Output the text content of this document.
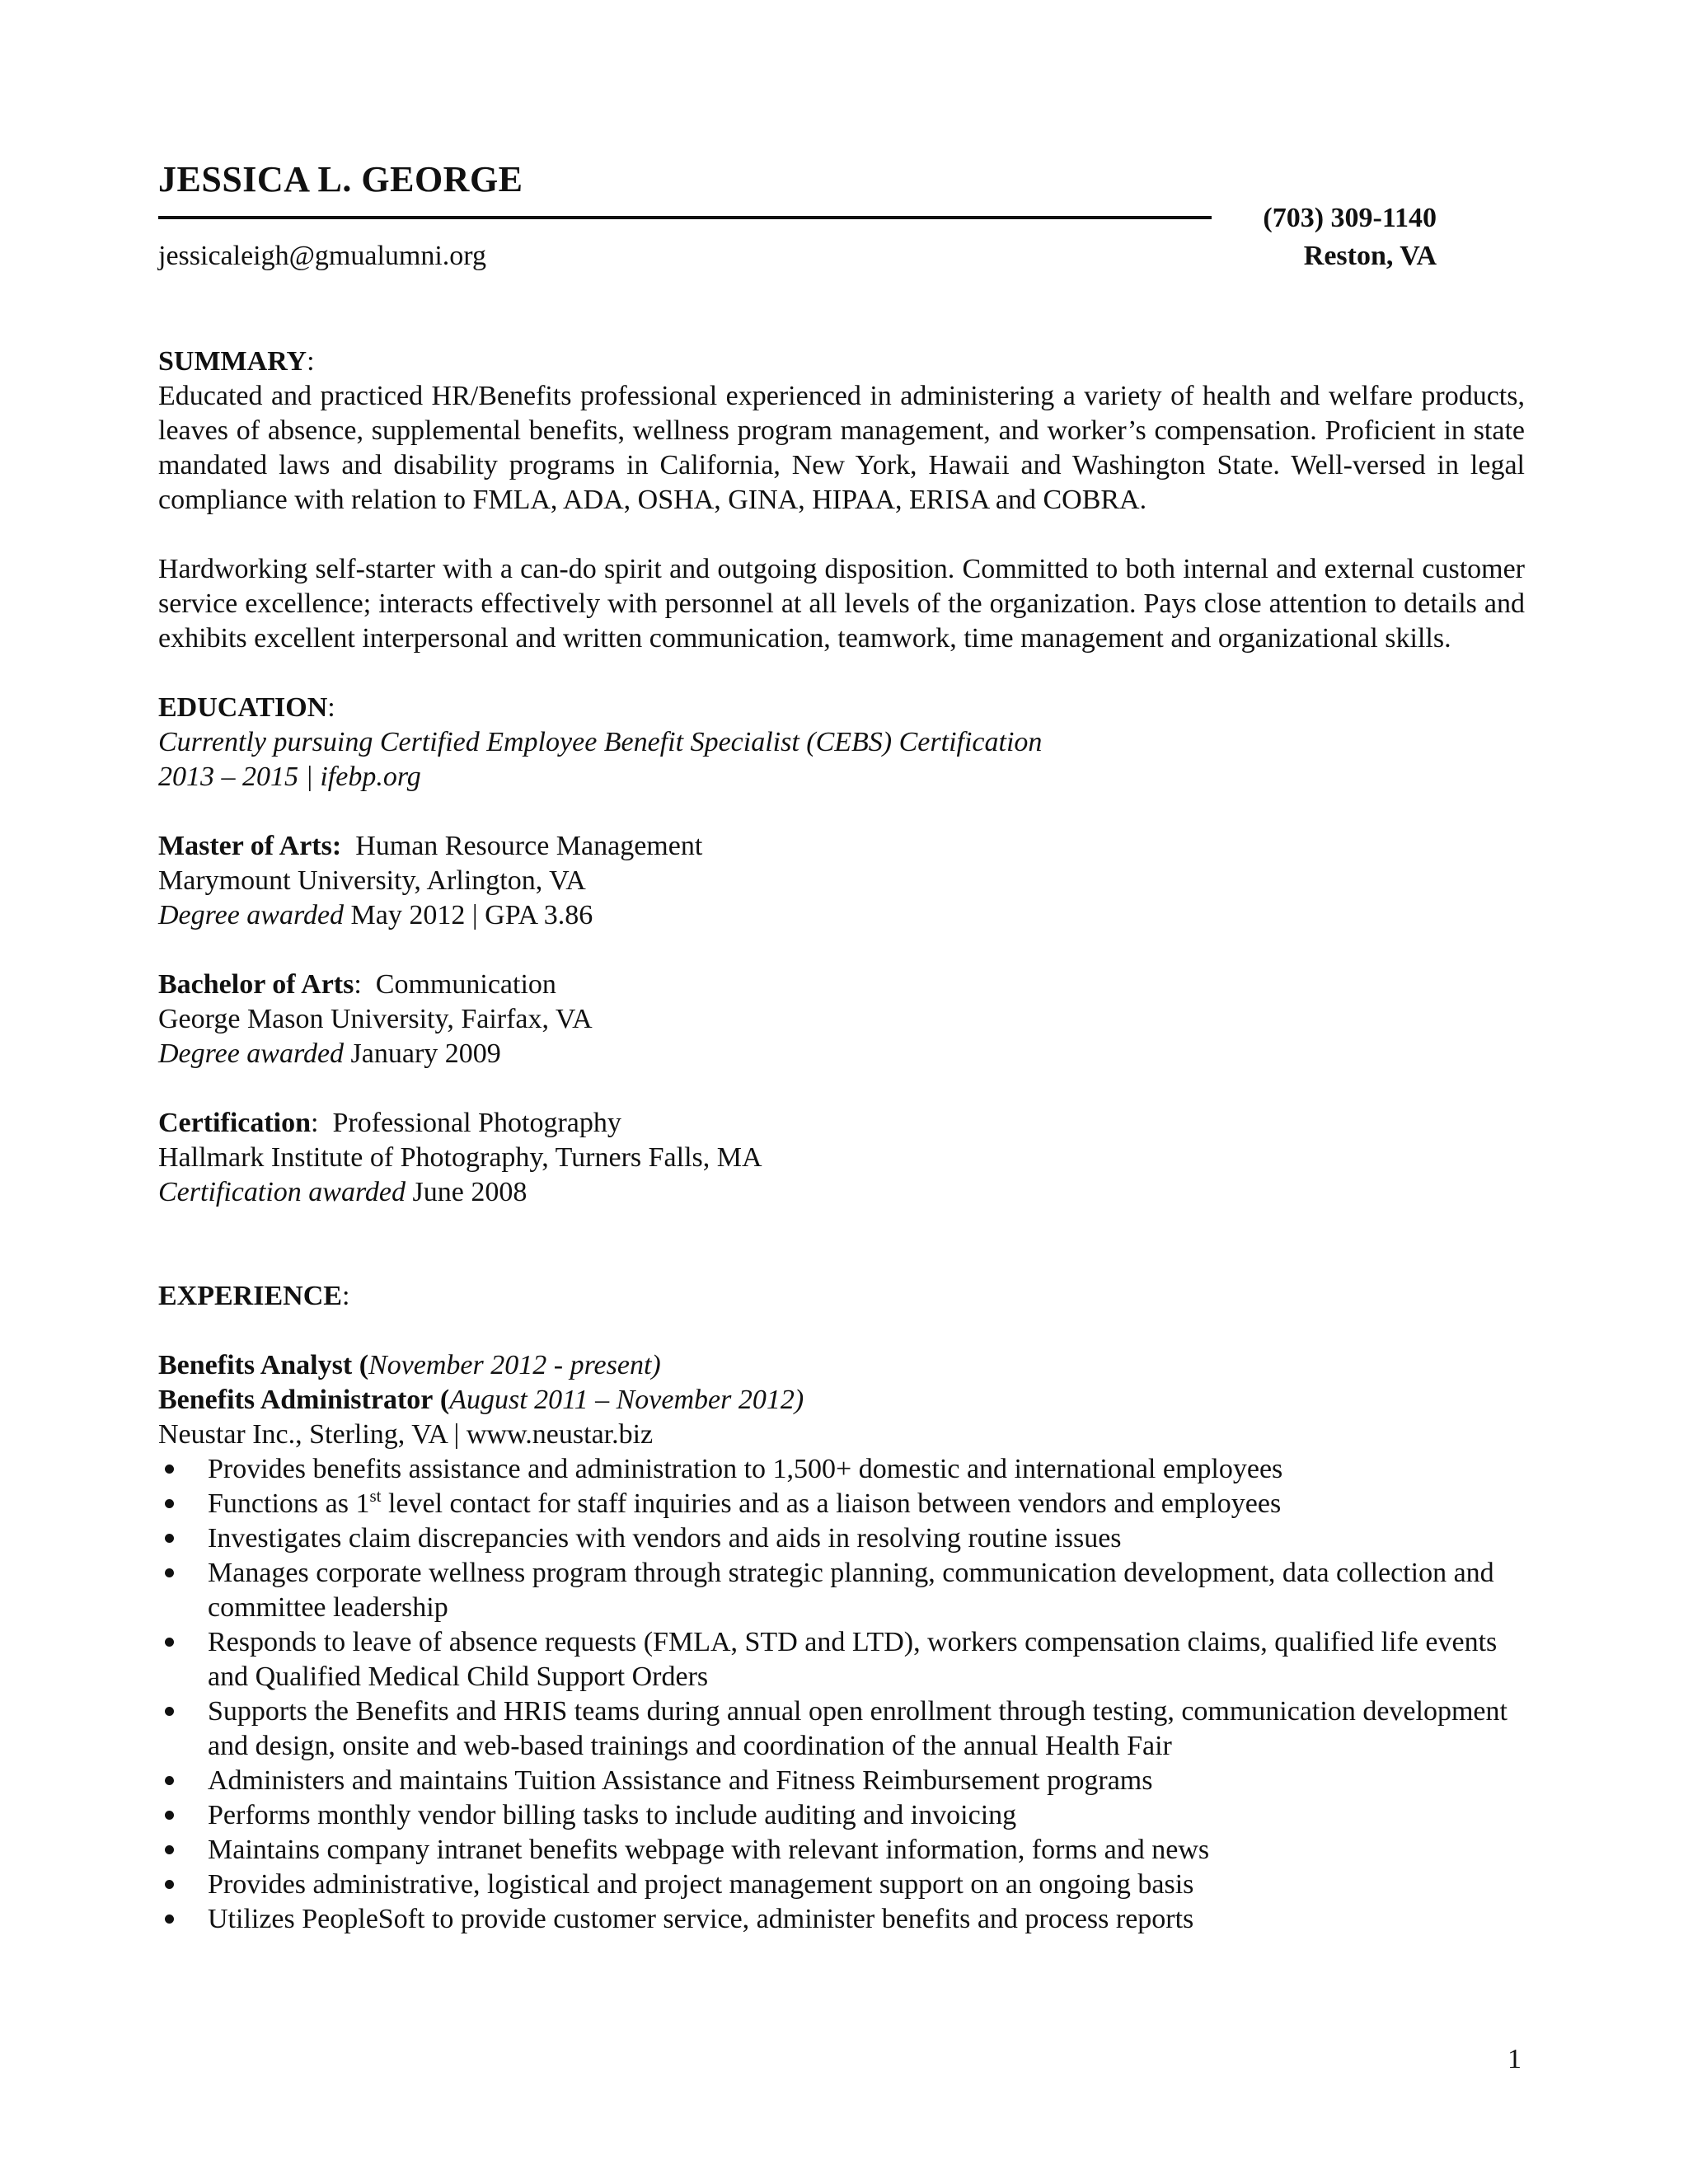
JESSICA L. GEORGE
(703) 309-1140
jessicaleigh@gmualumni.org	Reston, VA
SUMMARY:

Educated and practiced HR/Benefits professional experienced in administering a variety of health and welfare products, leaves of absence, supplemental benefits, wellness program management, and worker’s compensation. Proficient in state mandated laws and disability programs in California, New York, Hawaii and Washington State. Well-versed in legal compliance with relation to FMLA, ADA, OSHA, GINA, HIPAA, ERISA and COBRA.

Hardworking self-starter with a can-do spirit and outgoing disposition. Committed to both internal and external customer service excellence; interacts effectively with personnel at all levels of the organization. Pays close attention to details and exhibits excellent interpersonal and written communication, teamwork, time management and organizational skills.

EDUCATION:
Currently pursuing Certified Employee Benefit Specialist (CEBS) Certification
2013 – 2015 | ifebp.org
Master of Arts: Human Resource Management
Marymount University, Arlington, VA
Degree awarded May 2012 | GPA 3.86
Bachelor of Arts:  Communication
George Mason University, Fairfax, VA
Degree awarded January 2009
Certification:  Professional Photography
Hallmark Institute of Photography, Turners Falls, MA
Certification awarded June 2008
EXPERIENCE:
Benefits Analyst (November 2012 - present)
Benefits Administrator (August 2011 – November 2012)
Neustar Inc., Sterling, VA | www.neustar.biz
Provides benefits assistance and administration to 1,500+ domestic and international employees
Functions as 1st level contact for staff inquiries and as a liaison between vendors and employees
Investigates claim discrepancies with vendors and aids in resolving routine issues
Manages corporate wellness program through strategic planning, communication development, data collection and committee leadership
Responds to leave of absence requests (FMLA, STD and LTD), workers compensation claims, qualified life events and Qualified Medical Child Support Orders
Supports the Benefits and HRIS teams during annual open enrollment through testing, communication development and design, onsite and web-based trainings and coordination of the annual Health Fair
Administers and maintains Tuition Assistance and Fitness Reimbursement programs
Performs monthly vendor billing tasks to include auditing and invoicing
Maintains company intranet benefits webpage with relevant information, forms and news
Provides administrative, logistical and project management support on an ongoing basis
Utilizes PeopleSoft to provide customer service, administer benefits and process reports
1
